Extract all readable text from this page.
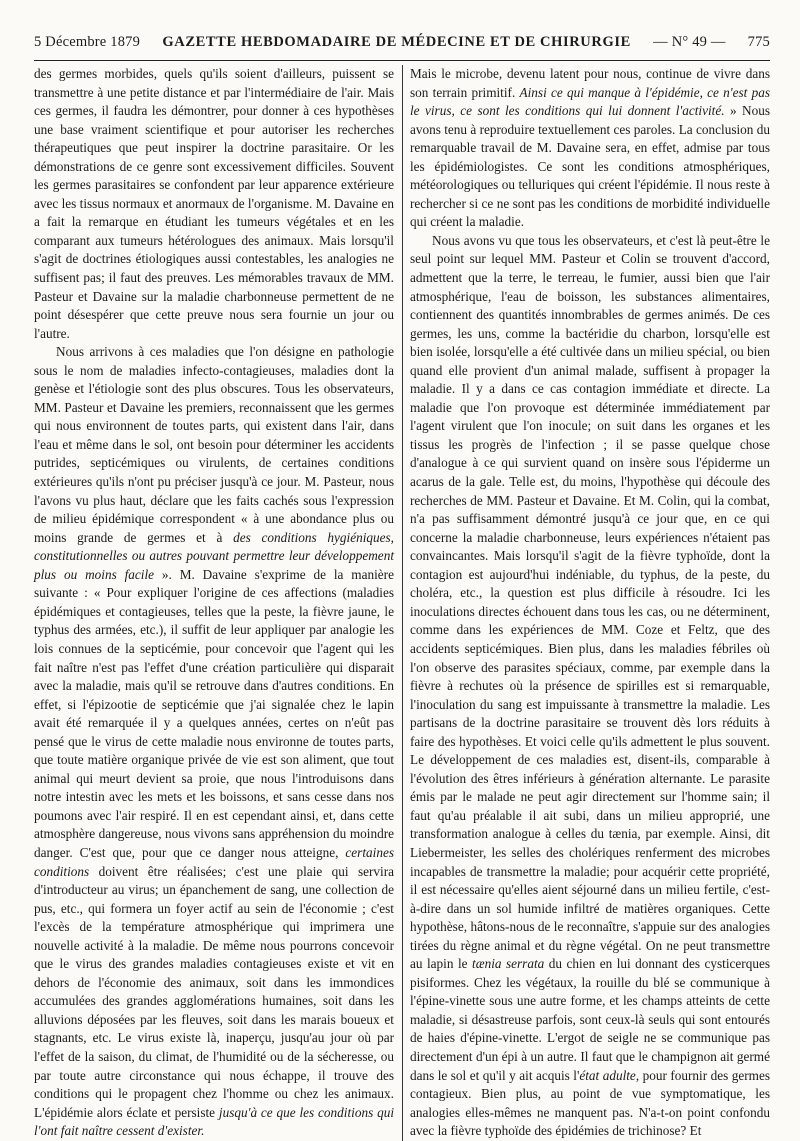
5 Décembre 1879 GAZETTE HEBDOMADAIRE DE MÉDECINE ET DE CHIRURGIE — N° 49 — 775

des germes morbides, quels qu'ils soient d'ailleurs, puissent se transmettre à une petite distance et par l'intermédiaire de l'air. Mais ces germes, il faudra les démontrer, pour donner à ces hypothèses une base vraiment scientifique et pour autoriser les recherches thérapeutiques que peut inspirer la doctrine parasitaire. Or les démonstrations de ce genre sont excessivement difficiles. Souvent les germes parasitaires se confondent par leur apparence extérieure avec les tissus normaux et anormaux de l'organisme. M. Davaine en a fait la remarque en étudiant les tumeurs végétales et en les comparant aux tumeurs hétérologues des animaux. Mais lorsqu'il s'agit de doctrines étiologiques aussi contestables, les analogies ne suffisent pas; il faut des preuves. Les mémorables travaux de MM. Pasteur et Davaine sur la maladie charbonneuse permettent de ne point désespérer que cette preuve nous sera fournie un jour ou l'autre.

Nous arrivons à ces maladies que l'on désigne en pathologie sous le nom de maladies infecto-contagieuses, maladies dont la genèse et l'étiologie sont des plus obscures. Tous les observateurs, MM. Pasteur et Davaine les premiers, reconnaissent que les germes qui nous environnent de toutes parts, qui existent dans l'air, dans l'eau et même dans le sol, ont besoin pour déterminer les accidents putrides, septicémiques ou virulents, de certaines conditions extérieures qu'ils n'ont pu préciser jusqu'à ce jour. M. Pasteur, nous l'avons vu plus haut, déclare que les faits cachés sous l'expression de milieu épidémique correspondent « à une abondance plus ou moins grande de germes et à des conditions hygiéniques, constitutionnelles ou autres pouvant permettre leur développement plus ou moins facile ». M. Davaine s'exprime de la manière suivante : « Pour expliquer l'origine de ces affections (maladies épidémiques et contagieuses, telles que la peste, la fièvre jaune, le typhus des armées, etc.), il suffit de leur appliquer par analogie les lois connues de la septicémie, pour concevoir que l'agent qui les fait naître n'est pas l'effet d'une création particulière qui disparait avec la maladie, mais qu'il se retrouve dans d'autres conditions. En effet, si l'épizootie de septicémie que j'ai signalée chez le lapin avait été remarquée il y a quelques années, certes on n'eût pas pensé que le virus de cette maladie nous environne de toutes parts, que toute matière organique privée de vie est son aliment, que tout animal qui meurt devient sa proie, que nous l'introduisons dans notre intestin avec les mets et les boissons, et sans cesse dans nos poumons avec l'air respiré. Il en est cependant ainsi, et, dans cette atmosphère dangereuse, nous vivons sans appréhension du moindre danger. C'est que, pour que ce danger nous atteigne, certaines conditions doivent être réalisées; c'est une plaie qui servira d'introducteur au virus; un épanchement de sang, une collection de pus, etc., qui formera un foyer actif au sein de l'économie ; c'est l'excès de la température atmosphérique qui imprimera une nouvelle activité à la maladie. De même nous pourrons concevoir que le virus des grandes maladies contagieuses existe et vit en dehors de l'économie des animaux, soit dans les immondices accumulées des grandes agglomérations humaines, soit dans les alluvions déposées par les fleuves, soit dans les marais boueux et stagnants, etc. Le virus existe là, inaperçu, jusqu'au jour où par l'effet de la saison, du climat, de l'humidité ou de la sécheresse, ou par toute autre circonstance qui nous échappe, il trouve des conditions qui le propagent chez l'homme ou chez les animaux. L'épidémie alors éclate et persiste jusqu'à ce que les conditions qui l'ont fait naître cessent d'exister.

Mais le microbe, devenu latent pour nous, continue de vivre dans son terrain primitif. Ainsi ce qui manque à l'épidémie, ce n'est pas le virus, ce sont les conditions qui lui donnent l'activité. » Nous avons tenu à reproduire textuellement ces paroles. La conclusion du remarquable travail de M. Davaine sera, en effet, admise par tous les épidémiologistes. Ce sont les conditions atmosphériques, météorologiques ou telluriques qui créent l'épidémie. Il nous reste à rechercher si ce ne sont pas les conditions de morbidité individuelle qui créent la maladie.

Nous avons vu que tous les observateurs, et c'est là peut-être le seul point sur lequel MM. Pasteur et Colin se trouvent d'accord, admettent que la terre, le terreau, le fumier, aussi bien que l'air atmosphérique, l'eau de boisson, les substances alimentaires, contiennent des quantités innombrables de germes animés. De ces germes, les uns, comme la bactéridie du charbon, lorsqu'elle est bien isolée, lorsqu'elle a été cultivée dans un milieu spécial, ou bien quand elle provient d'un animal malade, suffisent à propager la maladie. Il y a dans ce cas contagion immédiate et directe. La maladie que l'on provoque est déterminée immédiatement par l'agent virulent que l'on inocule; on suit dans les organes et les tissus les progrès de l'infection ; il se passe quelque chose d'analogue à ce qui survient quand on insère sous l'épiderme un acarus de la gale. Telle est, du moins, l'hypothèse qui découle des recherches de MM. Pasteur et Davaine. Et M. Colin, qui la combat, n'a pas suffisamment démontré jusqu'à ce jour que, en ce qui concerne la maladie charbonneuse, leurs expériences n'étaient pas convaincantes. Mais lorsqu'il s'agit de la fièvre typhoïde, dont la contagion est aujourd'hui indéniable, du typhus, de la peste, du choléra, etc., la question est plus difficile à résoudre. Ici les inoculations directes échouent dans tous les cas, ou ne déterminent, comme dans les expériences de MM. Coze et Feltz, que des accidents septicémiques. Bien plus, dans les maladies fébriles où l'on observe des parasites spéciaux, comme, par exemple dans la fièvre à rechutes où la présence de spirilles est si remarquable, l'inoculation du sang est impuissante à transmettre la maladie. Les partisans de la doctrine parasitaire se trouvent dès lors réduits à faire des hypothèses. Et voici celle qu'ils admettent le plus souvent. Le développement de ces maladies est, disent-ils, comparable à l'évolution des êtres inférieurs à génération alternante. Le parasite émis par le malade ne peut agir directement sur l'homme sain; il faut qu'au préalable il ait subi, dans un milieu approprié, une transformation analogue à celles du tænia, par exemple. Ainsi, dit Liebermeister, les selles des cholériques renferment des microbes incapables de transmettre la maladie; pour acquérir cette propriété, il est nécessaire qu'elles aient séjourné dans un milieu fertile, c'est-à-dire dans un sol humide infiltré de matières organiques. Cette hypothèse, hâtons-nous de le reconnaître, s'appuie sur des analogies tirées du règne animal et du règne végétal. On ne peut transmettre au lapin le tænia serrata du chien en lui donnant des cysticerques pisiformes. Chez les végétaux, la rouille du blé se communique à l'épine-vinette sous une autre forme, et les champs atteints de cette maladie, si désastreuse parfois, sont ceux-là seuls qui sont entourés de haies d'épine-vinette. L'ergot de seigle ne se communique pas directement d'un épi à un autre. Il faut que le champignon ait germé dans le sol et qu'il y ait acquis l'état adulte, pour fournir des germes contagieux. Bien plus, au point de vue symptomatique, les analogies elles-mêmes ne manquent pas. N'a-t-on point confondu avec la fièvre typhoïde des épidémies de trichinose? Et
